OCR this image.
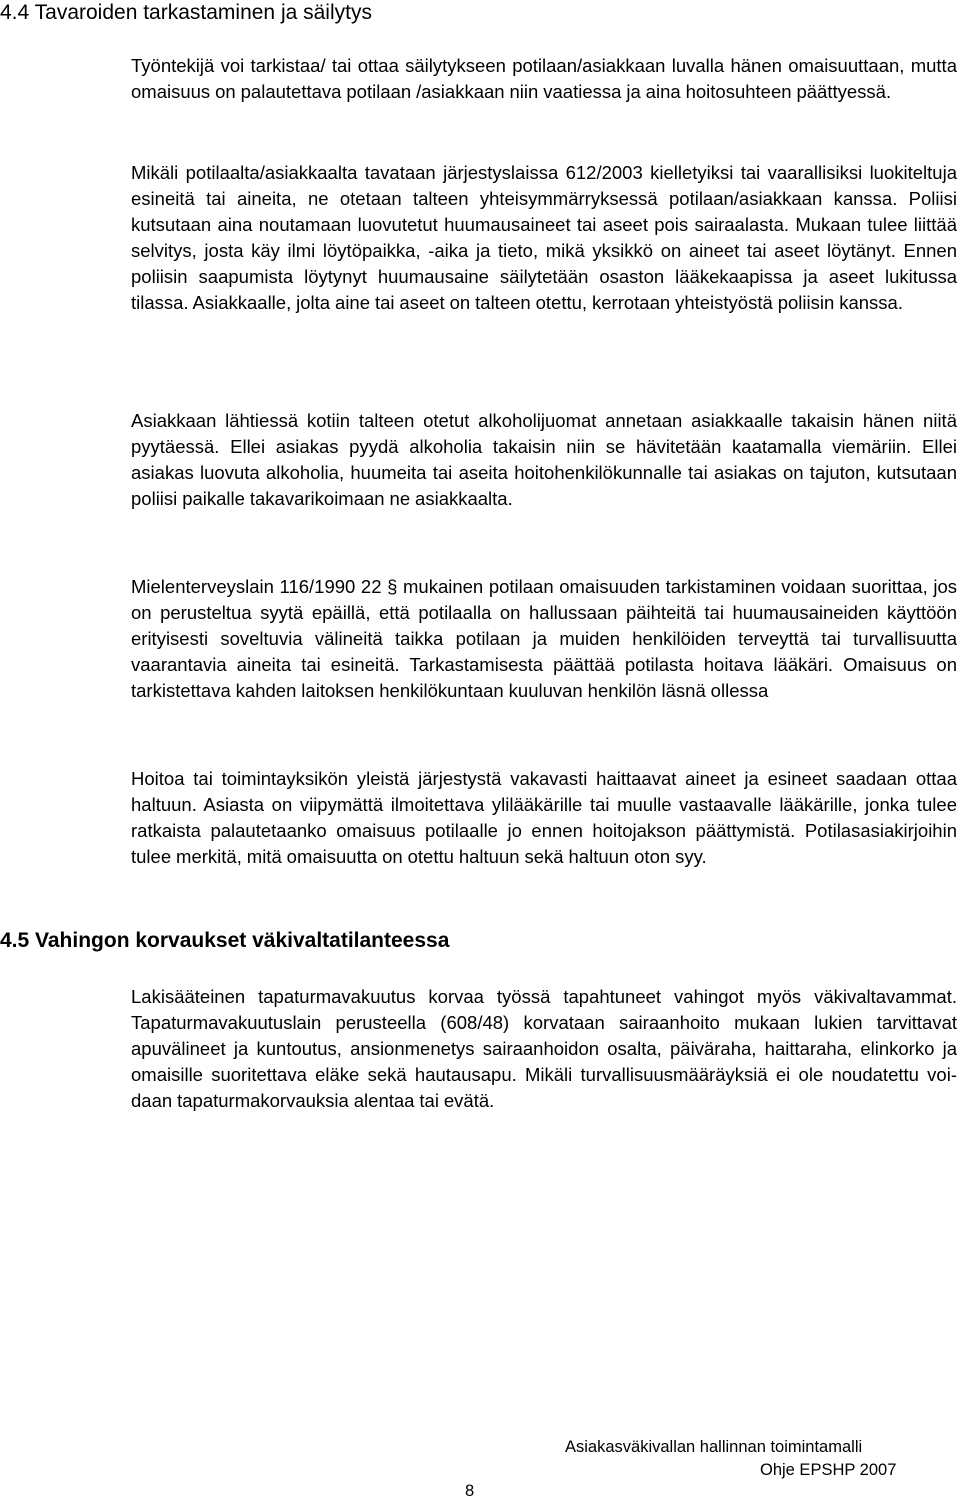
4.4 Tavaroiden tarkastaminen ja säilytys

Työntekijä voi tarkistaa/ tai ottaa säilytykseen potilaan/asiakkaan luvalla hänen omaisuuttaan, mutta omaisuus on palautettava potilaan /asiakkaan niin vaatiessa ja aina hoitosuhteen päättyessä.

Mikäli potilaalta/asiakkaalta tavataan järjestyslaissa 612/2003 kielletyiksi tai vaarallisiksi luokiteltuja esineitä tai aineita, ne otetaan talteen yhteisymmärryksessä potilaan/asiakkaan kanssa. Poliisi kutsutaan aina noutamaan luovutetut huumausaineet tai aseet pois sairaalasta. Mukaan tulee liittää selvitys, josta käy ilmi löytöpaikka, -aika ja tieto, mikä yksikkö on aineet tai aseet löytänyt. Ennen poliisin saapumista löytynyt huumausaine säilytetään osaston lääkekaapissa ja aseet lukitussa tilassa. Asiakkaalle, jolta aine tai aseet on talteen otettu, kerrotaan yhteistyöstä poliisin kanssa.

Asiakkaan lähtiessä kotiin talteen otetut alkoholijuomat annetaan asiakkaalle takaisin hänen niitä pyytäessä. Ellei asiakas pyydä alkoholia takaisin niin se hävitetään kaatamalla viemäriin. Ellei asiakas luovuta alkoholia, huumeita tai aseita hoitohenkilökunnalle tai asiakas on tajuton, kutsutaan poliisi paikalle takavarikoimaan ne asiakkaalta.

Mielenterveyslain 116/1990 22 § mukainen potilaan omaisuuden tarkistaminen voidaan suorittaa, jos on perusteltua syytä epäillä, että potilaalla on hallussaan päihteitä tai huumausaineiden käyttöön erityisesti soveltuvia välineitä taikka potilaan ja muiden henkilöiden terveyttä tai turvallisuutta vaarantavia aineita tai esineitä. Tarkastamisesta päättää potilasta hoitava lääkäri. Omaisuus on tarkistettava kahden laitoksen henkilökuntaan kuuluvan henkilön läsnä ollessa

Hoitoa tai toimintayksikön yleistä järjestystä vakavasti haittaavat aineet ja esineet saadaan ottaa haltuun. Asiasta on viipymättä ilmoitettava ylilääkärille tai muulle vastaavalle lääkärille, jonka tulee ratkaista palautetaanko omaisuus potilaalle jo ennen hoitojakson päättymistä. Potilasasiakirjoihin tulee merkitä, mitä omaisuutta on otettu haltuun sekä haltuun oton syy.

4.5 Vahingon korvaukset väkivaltatilanteessa

Lakisääteinen tapaturmavakuutus korvaa työssä tapahtuneet vahingot myös väkivaltavammat. Tapaturmavakuutuslain perusteella (608/48) korvataan sairaanhoito mukaan lukien tarvittavat apuvälineet ja kuntoutus, ansionmenetys sairaanhoidon osalta, päiväraha, haittaraha, elinkorko ja omaisille suoritettava eläke sekä hautausapu. Mikäli turvallisuusmääräyksiä ei ole noudatettu voidaan tapaturmakorvauksia alentaa tai evätä.

Asiakasväkivallan hallinnan toimintamalli
Ohje EPSHP 2007
8
